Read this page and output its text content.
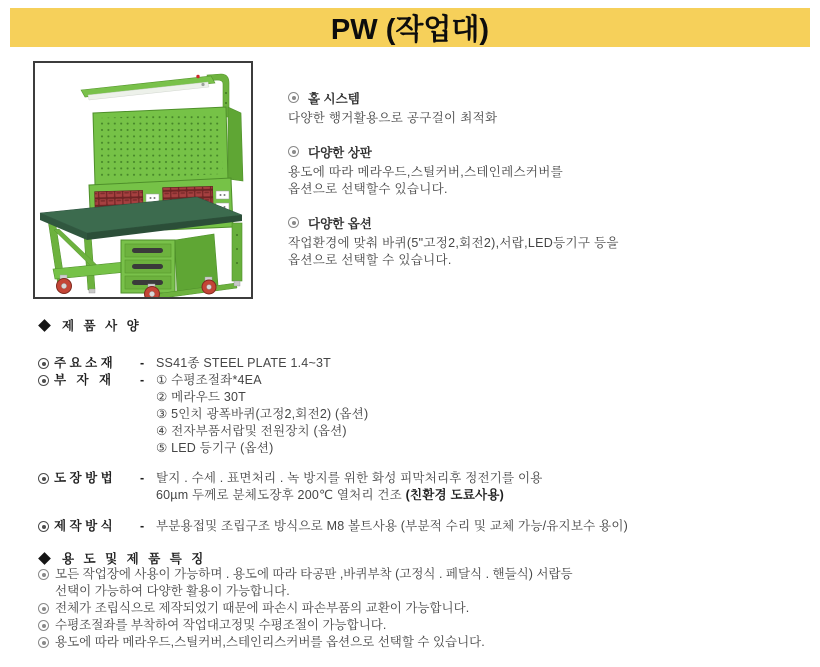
PW (작업대)
홀 시스템
다양한 행거활용으로 공구걸이 최적화
다양한 상판
용도에 따라 메라우드,스틸커버,스테인레스커버를
옵션으로 선택할수 있습니다.
다양한 옵션
작업환경에 맞춰 바퀴(5"고정2,회전2),서랍,LED등기구 등을
옵션으로 선택할 수 있습니다.
제 품 사 양
주 요 소 재	- SS41종 STEEL PLATE 1.4~3T
부   자   재	- ① 수평조절좌*4EA
② 메라우드 30T
③ 5인치 광폭바퀴(고정2,회전2) (옵션)
④ 전자부품서랍및 전원장치 (옵션)
⑤ LED 등기구 (옵션)
도 장 방 법	- 탈지 . 수세 . 표면처리 . 녹 방지를 위한 화성 피막처리후 정전기를 이용
60µm 두께로 분체도장후 200℃ 열처리 건조 (친환경 도료사용)
제 작 방 식	- 부분용접및 조립구조 방식으로 M8 볼트사용 (부분적 수리 및 교체 가능/유지보수 용이)
용 도 및 제 품 특 징
모든 작업장에 사용이 가능하며 . 용도에 따라 타공판 ,바퀴부착 (고정식 . 페달식 . 핸들식) 서랍등
선택이 가능하여 다양한 활용이 가능합니다.
전체가 조립식으로 제작되었기 때문에 파손시 파손부품의 교환이 가능합니다.
수평조절좌를 부착하여 작업대고정및 수평조절이 가능합니다.
용도에 따라 메라우드,스틸커버,스테인리스커버를 옵션으로 선택할 수 있습니다.
